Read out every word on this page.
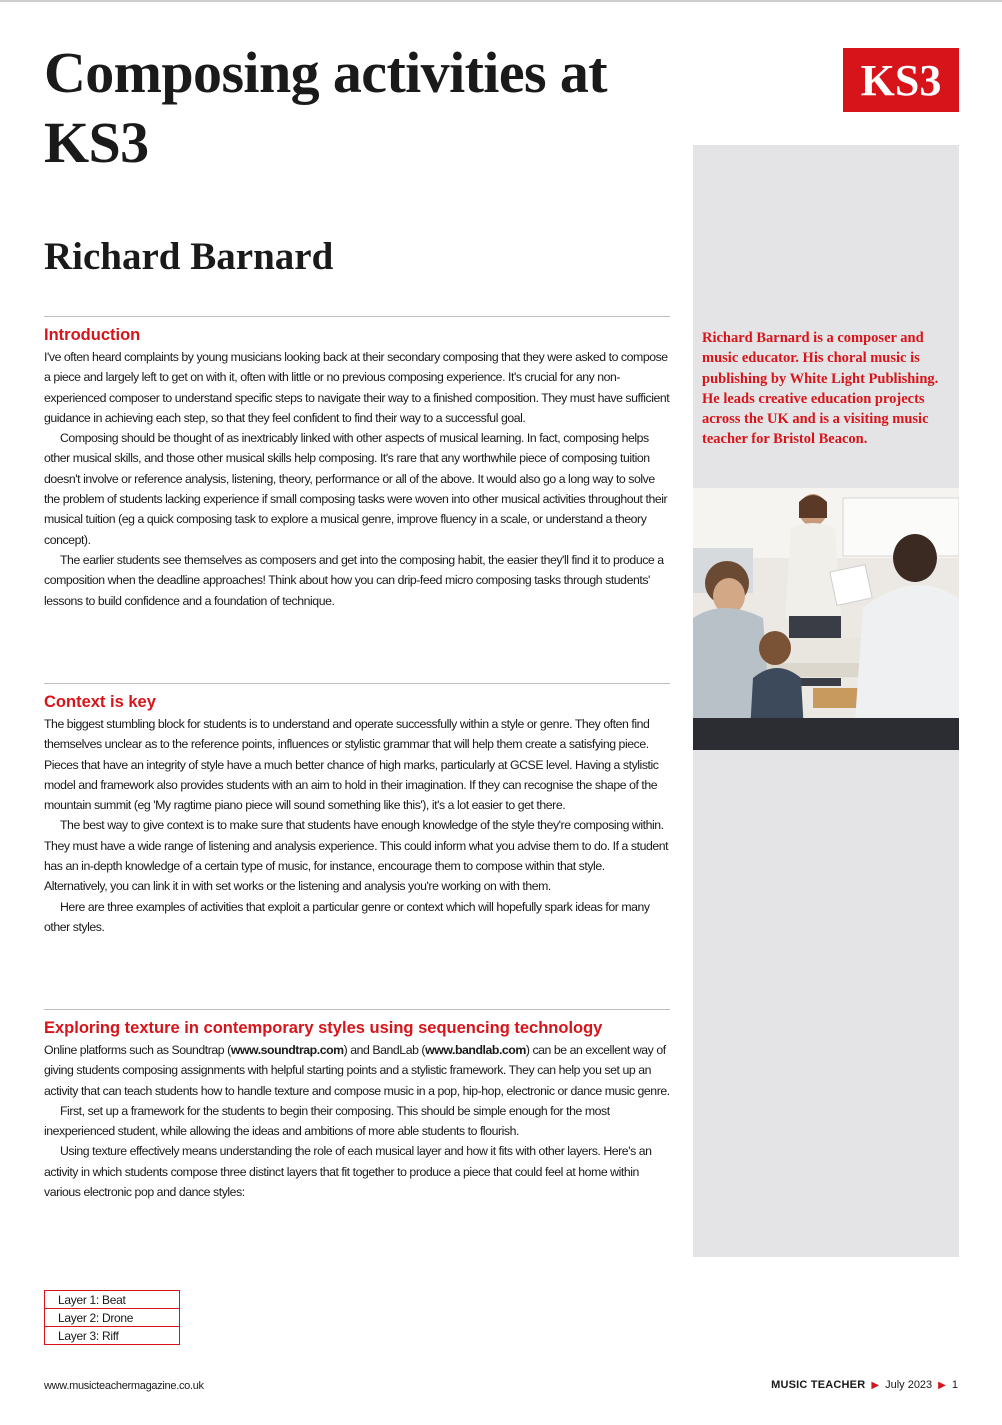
Composing activities at KS3
KS3
Richard Barnard

Richard Barnard is a composer and music educator. His choral music is publishing by White Light Publishing. He leads creative education projects across the UK and is a visiting music teacher for Bristol Beacon.

Introduction

I've often heard complaints by young musicians looking back at their secondary composing that they were asked to compose a piece and largely left to get on with it, often with little or no previous composing experience. It's crucial for any non-experienced composer to understand specific steps to navigate their way to a finished composition. They must have sufficient guidance in achieving each step, so that they feel confident to find their way to a successful goal.

Composing should be thought of as inextricably linked with other aspects of musical learning. In fact, composing helps other musical skills, and those other musical skills help composing. It's rare that any worthwhile piece of composing tuition doesn't involve or reference analysis, listening, theory, performance or all of the above. It would also go a long way to solve the problem of students lacking experience if small composing tasks were woven into other musical activities throughout their musical tuition (eg a quick composing task to explore a musical genre, improve fluency in a scale, or understand a theory concept).

The earlier students see themselves as composers and get into the composing habit, the easier they'll find it to produce a composition when the deadline approaches! Think about how you can drip-feed micro composing tasks through students' lessons to build confidence and a foundation of technique.

Context is key

The biggest stumbling block for students is to understand and operate successfully within a style or genre. They often find themselves unclear as to the reference points, influences or stylistic grammar that will help them create a satisfying piece. Pieces that have an integrity of style have a much better chance of high marks, particularly at GCSE level. Having a stylistic model and framework also provides students with an aim to hold in their imagination. If they can recognise the shape of the mountain summit (eg 'My ragtime piano piece will sound something like this'), it's a lot easier to get there.

The best way to give context is to make sure that students have enough knowledge of the style they're composing within. They must have a wide range of listening and analysis experience. This could inform what you advise them to do. If a student has an in-depth knowledge of a certain type of music, for instance, encourage them to compose within that style. Alternatively, you can link it in with set works or the listening and analysis you're working on with them.

Here are three examples of activities that exploit a particular genre or context which will hopefully spark ideas for many other styles.

Exploring texture in contemporary styles using sequencing technology

Online platforms such as Soundtrap (www.soundtrap.com) and BandLab (www.bandlab.com) can be an excellent way of giving students composing assignments with helpful starting points and a stylistic framework. They can help you set up an activity that can teach students how to handle texture and compose music in a pop, hip-hop, electronic or dance music genre.

First, set up a framework for the students to begin their composing. This should be simple enough for the most inexperienced student, while allowing the ideas and ambitions of more able students to flourish.

Using texture effectively means understanding the role of each musical layer and how it fits with other layers. Here's an activity in which students compose three distinct layers that fit together to produce a piece that could feel at home within various electronic pop and dance styles:

Layer 1: Beat
Layer 2: Drone
Layer 3: Riff
www.musicteachermagazine.co.uk	MUSIC TEACHER ▶ July 2023 ▶ 1
